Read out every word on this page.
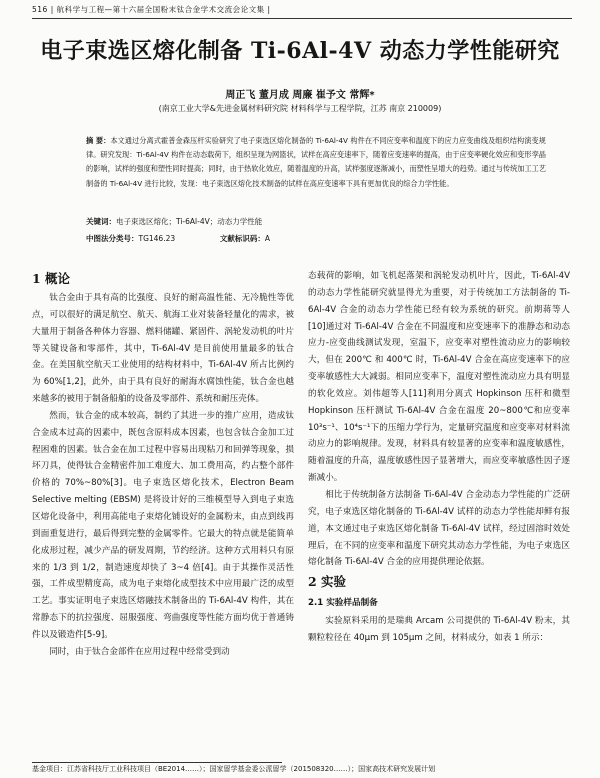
516 | 航科学与工程—第十六届全国粉末钛合金学术交流会论文集 |
电子束选区熔化制备 Ti-6Al-4V 动态力学性能研究
周正飞 董月成 周廉 崔予文 常辉*
(南京工业大学&先进金属材料研究院 材料科学与工程学院，江苏 南京 210009)
摘 要：本文通过分离式霍普金森压杆实验研究了电子束选区熔化制备的 Ti-6Al-4V 构件在不同应变率和温度下的应力应变曲线及组织结构演变规律。研究发现：Ti-6Al-4V 构件在动态载荷下，组织呈现为网篮状，试样在高应变速率下，随着应变速率的提高，由于应变率硬化效应和变形孪晶的影响，试样的强度和塑性同时提高；同时，由于热软化效应，随着温度的升高，试样强度逐渐减小，而塑性呈增大的趋势。通过与传统加工工艺制备的 Ti-6Al-4V 进行比较，发现：电子束选区熔化技术制备的试样在高应变速率下具有更加优良的综合力学性能。
关键词：电子束选区熔化；Ti-6Al-4V；动态力学性能
中图法分类号：TG146.23	文献标识码：A
1 概论

钛合金由于具有高的比强度、良好的耐高温性能、无冷脆性等优点，可以很好的满足航空、航天、航海工业对装备轻量化的需求，被大量用于制备各种体力容器、燃料储罐、紧固件、涡轮发动机的叶片等关键设备和零部件，其中，Ti-6Al-4V 是目前使用量最多的钛合金。在美国航空航天工业使用的结构材料中，Ti-6Al-4V 所占比例约为 60%[1,2]，此外，由于具有良好的耐海水腐蚀性能，钛合金也越来越多的被用于制备船舶的设备及零部件、系统和耐压壳体。

然而，钛合金的成本较高，制约了其进一步的推广应用，造成钛合金成本过高的因素中，既包含原料成本因素，也包含钛合金加工过程困难的因素。钛合金在加工过程中容易出现粘刀和回弹等现象，损坏刀具，使得钛合金精密件加工难度大、加工费用高，约占整个部件价格的 70%~80%[3]。电子束选区熔化技术，Electron Beam Selective melting (EBSM) 是将设计好的三维模型导入到电子束选区熔化设备中，利用高能电子束熔化铺设好的金属粉末，由点到线再到面重复进行，最后得到完整的金属零件。它最大的特点就是能简单化成形过程，减少产品的研发周期，节约经济。这种方式用料只有原来的 1/3 到 1/2，制造速度却快了 3~4 倍[4]。由于其操作灵活性强，工件成型精度高，成为电子束熔化成型技术中应用最广泛的成型工艺。事实证明电子束选区熔融技术制备出的 Ti-6Al-4V 构件，其在常静态下的抗拉强度、屈服强度、弯曲强度等性能方面均优于普通铸件以及锻造件[5-9]。

同时，由于钛合金部件在应用过程中经常受到动

态载荷的影响，如飞机起落架和涡轮发动机叶片，因此，Ti-6Al-4V 的动态力学性能研究就显得尤为重要，对于传统加工方法制备的 Ti-6Al-4V 合金的动态力学性能已经有较为系统的研究。前期蒋等人[10]通过对 Ti-6Al-4V 合金在不同温度和应变速率下的准静态和动态应力-应变曲线测试发现，室温下，应变率对塑性流动应力的影响较大，但在 200℃ 和 400℃ 时，Ti-6Al-4V 合金在高应变速率下的应变率敏感性大大减弱。相同应变率下，温度对塑性流动应力具有明显的软化效应。刘伟超等人[11]利用分离式 Hopkinson 压杆和微型 Hopkinson 压杆测试 Ti-6Al-4V 合金在温度 20~800℃和应变率 10³s⁻¹、10⁴s⁻¹下的压缩力学行为，定量研究温度和应变率对材料流动应力的影响规律。发现，材料具有较显著的应变率和温度敏感性，随着温度的升高，温度敏感性因子显著增大，而应变率敏感性因子逐渐减小。

相比于传统制备方法制备 Ti-6Al-4V 合金动态力学性能的广泛研究，电子束选区熔化制备的 Ti-6Al-4V 试样的动态力学性能却鲜有报道，本文通过电子束选区熔化制备 Ti-6Al-4V 试样，经过固溶时效处理后，在不同的应变率和温度下研究其动态力学性能，为电子束选区熔化制备 Ti-6Al-4V 合金的应用提供理论依据。

2 实验
2.1 实验样品制备

实验原料采用的是瑞典 Arcam 公司提供的 Ti-6Al-4V 粉末，其颗粒粒径在 40μm 到 105μm 之间，材料成分，如表 1 所示：

基金项目：江苏省科技厅工业科技项目（BE2014……）；国家留学基金委公派留学（201508320……）；国家高技术研究发展计划
